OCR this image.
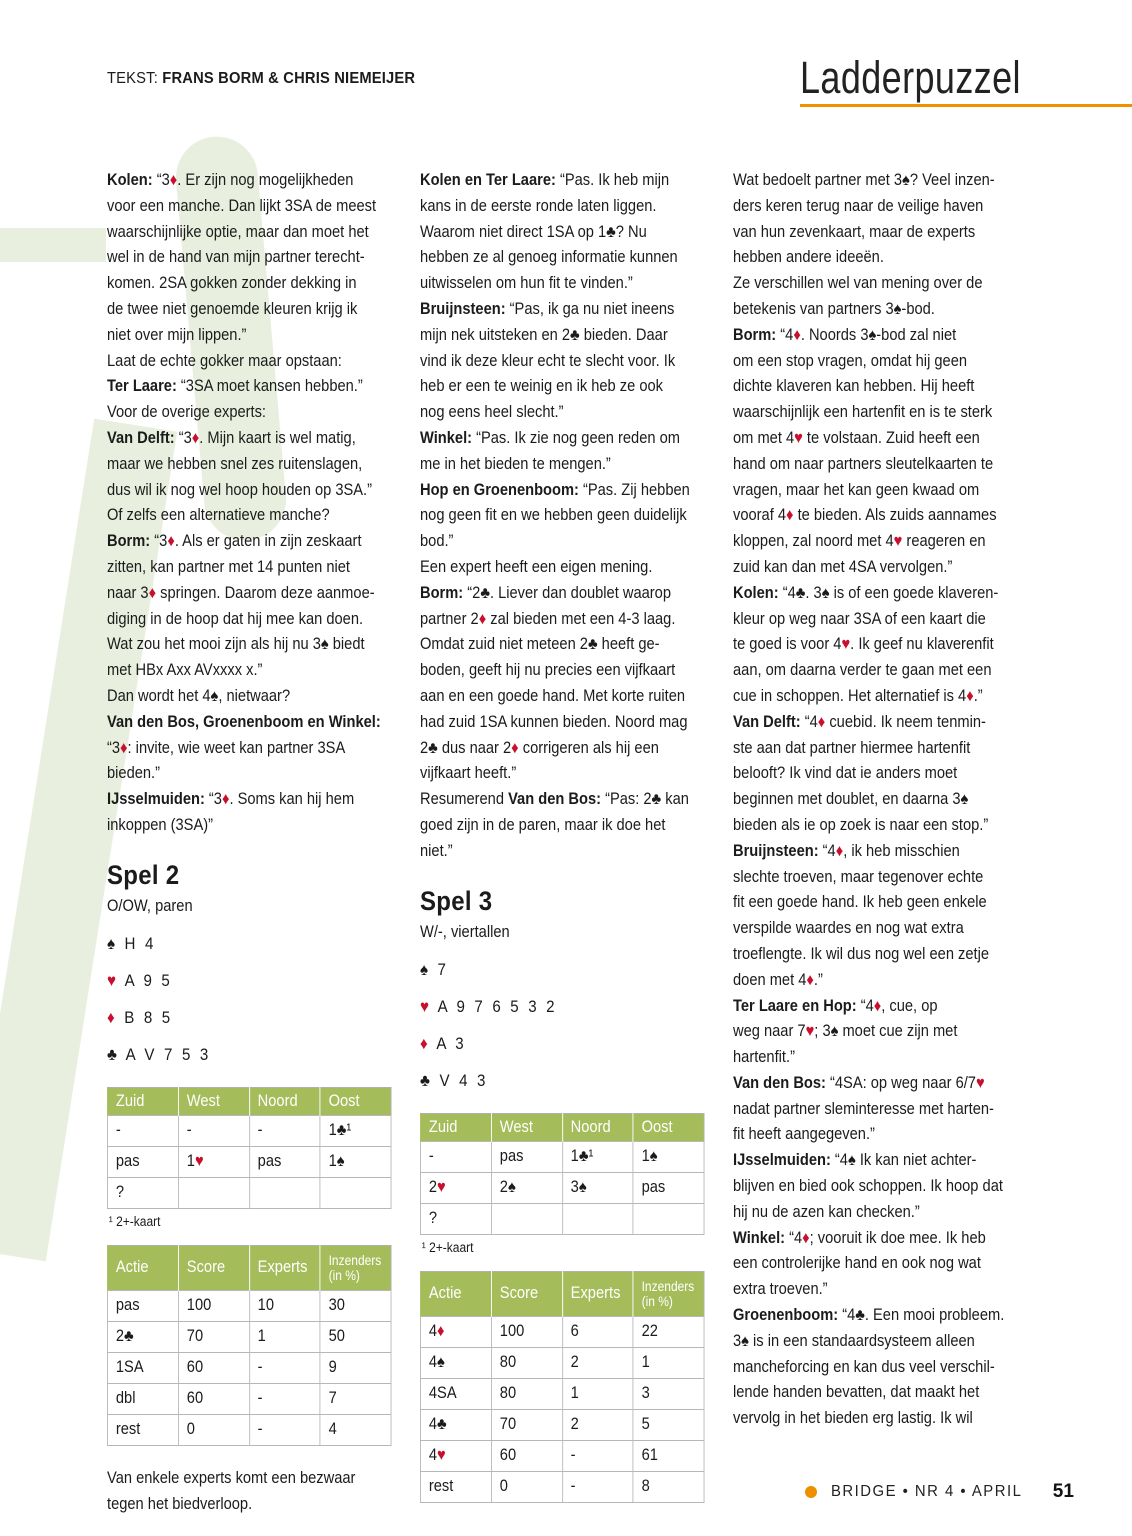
TEKST: FRANS BORM & CHRIS NIEMEIJER	Ladderpuzzel

Kolen: “3♦. Er zijn nog mogelijkheden
voor een manche. Dan lijkt 3SA de meest
waarschijnlijke optie, maar dan moet het
wel in de hand van mijn partner terecht-
komen. 2SA gokken zonder dekking in
de twee niet genoemde kleuren krijg ik
niet over mijn lippen.”

Laat de echte gokker maar opstaan:

Ter Laare: “3SA moet kansen hebben.”

Voor de overige experts:

Van Delft: “3♦. Mijn kaart is wel matig,
maar we hebben snel zes ruitenslagen,
dus wil ik nog wel hoop houden op 3SA.”

Of zelfs een alternatieve manche?

Borm: “3♦. Als er gaten in zijn zeskaart
zitten, kan partner met 14 punten niet
naar 3♦ springen. Daarom deze aanmoe-
diging in de hoop dat hij mee kan doen.
Wat zou het mooi zijn als hij nu 3♠ biedt
met HBx Axx AVxxxx x.”

Dan wordt het 4♠, nietwaar?

Van den Bos, Groenenboom en Winkel:
“3♦: invite, wie weet kan partner 3SA
bieden.”

IJsselmuiden: “3♦. Soms kan hij hem
inkoppen (3SA)”

Spel 2
O/OW, paren
♠ H 4
♥ A 9 5
♦ B 8 5
♣ A V 7 5 3
Zuid	West	Noord	Oost
-	-	-	1♣¹
pas	1♥	pas	1♠
?			
¹ 2+-kaart
Actie	Score	Experts	Inzenders
(in %)
pas	100	10	30
2♣	70	1	50
1SA	60	-	9
dbl	60	-	7
rest	0	-	4

Van enkele experts komt een bezwaar
tegen het biedverloop.

Kolen en Ter Laare: “Pas. Ik heb mijn
kans in de eerste ronde laten liggen.
Waarom niet direct 1SA op 1♣? Nu
hebben ze al genoeg informatie kunnen
uitwisselen om hun fit te vinden.”

Bruijnsteen: “Pas, ik ga nu niet ineens
mijn nek uitsteken en 2♣ bieden. Daar
vind ik deze kleur echt te slecht voor. Ik
heb er een te weinig en ik heb ze ook
nog eens heel slecht.”

Winkel: “Pas. Ik zie nog geen reden om
me in het bieden te mengen.”

Hop en Groenenboom: “Pas. Zij hebben
nog geen fit en we hebben geen duidelijk
bod.”

Een expert heeft een eigen mening.

Borm: “2♣. Liever dan doublet waarop
partner 2♦ zal bieden met een 4-3 laag.
Omdat zuid niet meteen 2♣ heeft ge-
boden, geeft hij nu precies een vijfkaart
aan en een goede hand. Met korte ruiten
had zuid 1SA kunnen bieden. Noord mag
2♣ dus naar 2♦ corrigeren als hij een
vijfkaart heeft.”

Resumerend Van den Bos: “Pas: 2♣ kan
goed zijn in de paren, maar ik doe het
niet.”

Spel 3
W/-, viertallen
♠ 7
♥ A 9 7 6 5 3 2
♦ A 3
♣ V 4 3
Zuid	West	Noord	Oost
-	pas	1♣¹	1♠
2♥	2♠	3♠	pas
?			
¹ 2+-kaart
Actie	Score	Experts	Inzenders
(in %)
4♦	100	6	22
4♠	80	2	1
4SA	80	1	3
4♣	70	2	5
4♥	60	-	61
rest	0	-	8

Wat bedoelt partner met 3♠? Veel inzen-
ders keren terug naar de veilige haven
van hun zevenkaart, maar de experts
hebben andere ideeën.

Ze verschillen wel van mening over de
betekenis van partners 3♠-bod.

Borm: “4♦. Noords 3♠-bod zal niet
om een stop vragen, omdat hij geen
dichte klaveren kan hebben. Hij heeft
waarschijnlijk een hartenfit en is te sterk
om met 4♥ te volstaan. Zuid heeft een
hand om naar partners sleutelkaarten te
vragen, maar het kan geen kwaad om
vooraf 4♦ te bieden. Als zuids aannames
kloppen, zal noord met 4♥ reageren en
zuid kan dan met 4SA vervolgen.”

Kolen: “4♣. 3♠ is of een goede klaveren-
kleur op weg naar 3SA of een kaart die
te goed is voor 4♥. Ik geef nu klaverenfit
aan, om daarna verder te gaan met een
cue in schoppen. Het alternatief is 4♦.”

Van Delft: “4♦ cuebid. Ik neem tenmin-
ste aan dat partner hiermee hartenfit
belooft? Ik vind dat ie anders moet
beginnen met doublet, en daarna 3♠
bieden als ie op zoek is naar een stop.”

Bruijnsteen: “4♦, ik heb misschien
slechte troeven, maar tegenover echte
fit een goede hand. Ik heb geen enkele
verspilde waardes en nog wat extra
troeflengte. Ik wil dus nog wel een zetje
doen met 4♦.”

Ter Laare en Hop: “4♦, cue, op
weg naar 7♥; 3♠ moet cue zijn met
hartenfit.”

Van den Bos: “4SA: op weg naar 6/7♥
nadat partner sleminteresse met harten-
fit heeft aangegeven.”

IJsselmuiden: “4♠ Ik kan niet achter-
blijven en bied ook schoppen. Ik hoop dat
hij nu de azen kan checken.”

Winkel: “4♦; vooruit ik doe mee. Ik heb
een controlerijke hand en ook nog wat
extra troeven.”

Groenenboom: “4♣. Een mooi probleem.
3♠ is in een standaardsysteem alleen
mancheforcing en kan dus veel verschil-
lende handen bevatten, dat maakt het
vervolg in het bieden erg lastig. Ik wil

BRIDGE • NR 4 • APRIL 51
